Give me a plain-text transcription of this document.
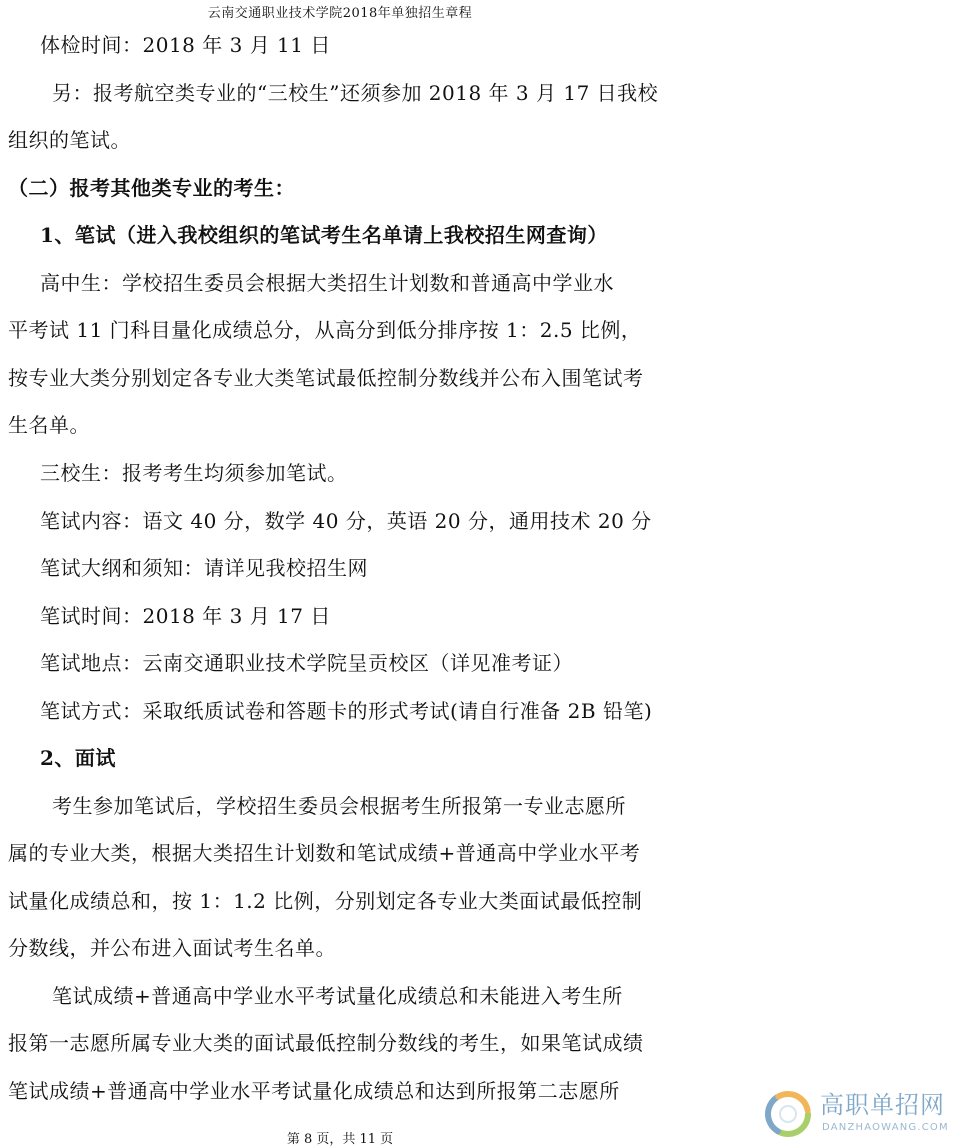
云南交通职业技术学院2018年单独招生章程
体检时间：2018 年 3 月 11 日
另：报考航空类专业的“三校生”还须参加 2018 年 3 月 17 日我校
组织的笔试。
（二）报考其他类专业的考生：
1、笔试（进入我校组织的笔试考生名单请上我校招生网查询）
高中生：学校招生委员会根据大类招生计划数和普通高中学业水
平考试 11 门科目量化成绩总分，从高分到低分排序按 1：2.5 比例，
按专业大类分别划定各专业大类笔试最低控制分数线并公布入围笔试考
生名单。
三校生：报考考生均须参加笔试。
笔试内容：语文 40 分，数学 40 分，英语 20 分，通用技术 20 分
笔试大纲和须知：请详见我校招生网
笔试时间：2018 年 3 月 17 日
笔试地点：云南交通职业技术学院呈贡校区（详见准考证）
笔试方式：采取纸质试卷和答题卡的形式考试(请自行准备 2B 铅笔)
2、面试
考生参加笔试后，学校招生委员会根据考生所报第一专业志愿所
属的专业大类，根据大类招生计划数和笔试成绩+普通高中学业水平考
试量化成绩总和，按 1：1.2 比例，分别划定各专业大类面试最低控制
分数线，并公布进入面试考生名单。
笔试成绩+普通高中学业水平考试量化成绩总和未能进入考生所
报第一志愿所属专业大类的面试最低控制分数线的考生，如果笔试成绩
笔试成绩+普通高中学业水平考试量化成绩总和达到所报第二志愿所
第 8 页，共 11 页
高职单招网
DANZHAOWANG.COM
